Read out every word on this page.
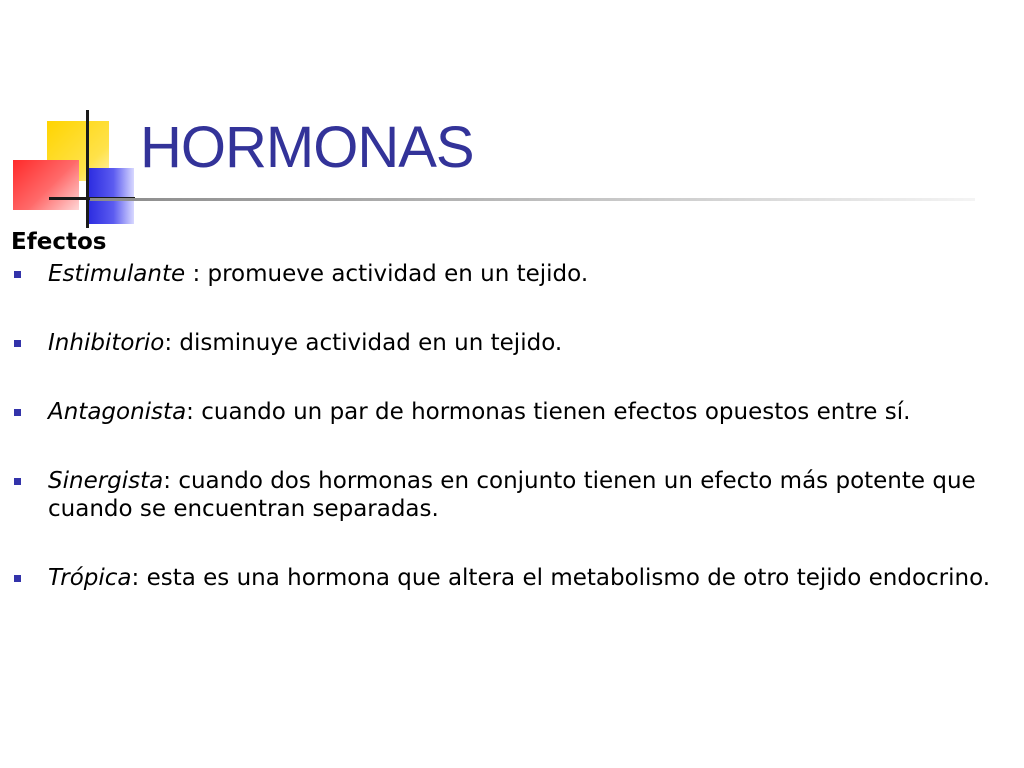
HORMONAS

Efectos

Estimulante : promueve actividad en un tejido.
Inhibitorio: disminuye actividad en un tejido.
Antagonista: cuando un par de hormonas tienen efectos opuestos entre sí.
Sinergista: cuando dos hormonas en conjunto tienen un efecto más potente que cuando se encuentran separadas.
Trópica: esta es una hormona que altera el metabolismo de otro tejido endocrino.
